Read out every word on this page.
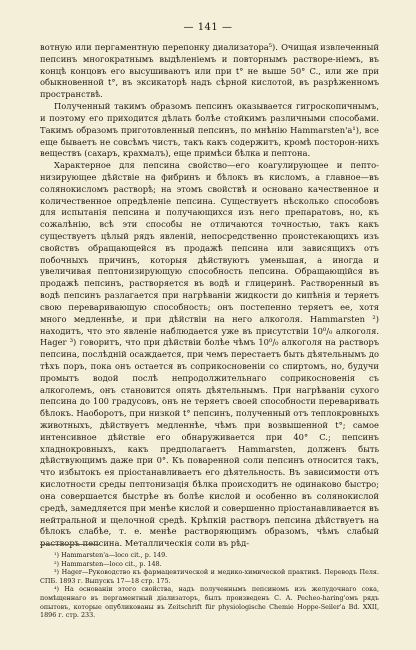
— 141 —

вотную или пергаментную перепонку диализатора⁵). Очищая извлеченный пепсинъ многократнымъ выдѣленіемъ и повторнымъ растворе-ніемъ, въ концѣ концовъ его высушиваютъ или при t° не выше 50° C., или же при обыкновенной t°, въ эксикаторѣ надъ сѣрной кислотой, въ разрѣженномъ пространствѣ.

Полученный такимъ образомъ пепсинъ оказывается гигроскопичнымъ, и поэтому его приходится дѣлать болѣе стойкимъ различными способами. Такимъ образомъ приготовленный пепсинъ, по мнѣнію Hammarsten'а¹), все еще бываетъ не совсѣмъ чистъ, такъ какъ содержитъ, кромѣ посторон-нихъ веществъ (сахаръ, крахмалъ), еще примѣси бѣлка и пептона.

Характерное для пепсина свойство—его коагулирующее и пепто-низирующее дѣйствіе на фибринъ и бѣлокъ въ кисломъ, а главное—въ солянокисломъ растворѣ; на этомъ свойствѣ и основано качественное и количественное опредѣленіе пепсина. Существуетъ нѣсколько способовъ для испытанія пепсина и получающихся изъ него препаратовъ, но, къ сожалѣнію, всѣ эти способы не отличаются точностью, такъ какъ существуетъ цѣлый рядъ явленій, непосредственно проистекающихъ изъ свойствъ обращающейся въ продажѣ пепсина или зависящихъ отъ побочныхъ причинъ, которыя дѣйствуютъ уменьшая, а иногда и увеличивая пептонизирующую способность пепсина. Обращающійся въ продажѣ пепсинъ, растворяется въ водѣ и глицеринѣ. Растворенный въ водѣ пепсинъ разлагается при нагрѣваніи жидкости до кипѣнія и теряетъ свою переваривающую способность; онъ постепенно теряетъ ее, хотя много медленнѣе, и при дѣйствіи на него алкоголя. Hammarsten ²) находитъ, что это явленіе наблюдается уже въ присутствіи 10⁰/₀ алкоголя. Hager ³) говоритъ, что при дѣйствіи болѣе чѣмъ 10⁰/₀ алкоголя на растворъ пепсина, послѣдній осаждается, при чемъ перестаетъ быть дѣятельнымъ до тѣхъ поръ, пока онъ остается въ соприкосновеніи со спиртомъ, но, будучи промытъ водой послѣ непродолжительнаго соприкосновенія съ алкоголемъ, онъ становится опять дѣятельнымъ. При нагрѣваніи сухого пепсина до 100 градусовъ, онъ не теряетъ своей способности переваривать бѣлокъ. Наоборотъ, при низкой t° пепсинъ, полученный отъ теплокровныхъ животныхъ, дѣйствуетъ медленнѣе, чѣмъ при возвышенной t°; самое интенсивное дѣйствіе его обнаруживается при 40° C.; пепсинъ хладнокровныхъ, какъ предполагаетъ Hammarsten, долженъ быть дѣйствующимъ даже при 0°. Къ поваренной соли пепсинъ относится такъ, что избытокъ ея пріостанавливаетъ его дѣятельность. Въ зависимости отъ кислотности среды пептонизація бѣлка происходитъ не одинаково быстро; она совершается быстрѣе въ болѣе кислой и особенно въ солянокислой средѣ, замедляется при менѣе кислой и совершенно пріостанавливается въ нейтральной и щелочной средѣ. Крѣпкій растворъ пепсина дѣйствуетъ на бѣлокъ слабѣе, т. е. менѣе растворяющимъ образомъ, чѣмъ слабый растворъ пепсина. Металлическія соли въ рѣд-

¹) Hammarsten'a—loco cit., p. 149.

²) Hammarsten—loco cit., p. 148.

³) Hager—Руководство къ фармацевтической и медико-химической практикѣ. Переводъ Пеля. СПБ. 1893 г. Выпускъ 17—18 стр. 175.

⁴) На основаніи этого свойства, надъ полученнымъ пепсиномъ изъ желудочнаго сока, помѣщеннаго въ пергаментный діализаторъ, былъ произведенъ С. А. Pecheo-haring'омъ рядъ опытовъ, которые опубликованы въ Zeitschrift für physiologische Chemie Hoppe-Seiler'a Bd. XXII, 1896 г. стр. 233.
